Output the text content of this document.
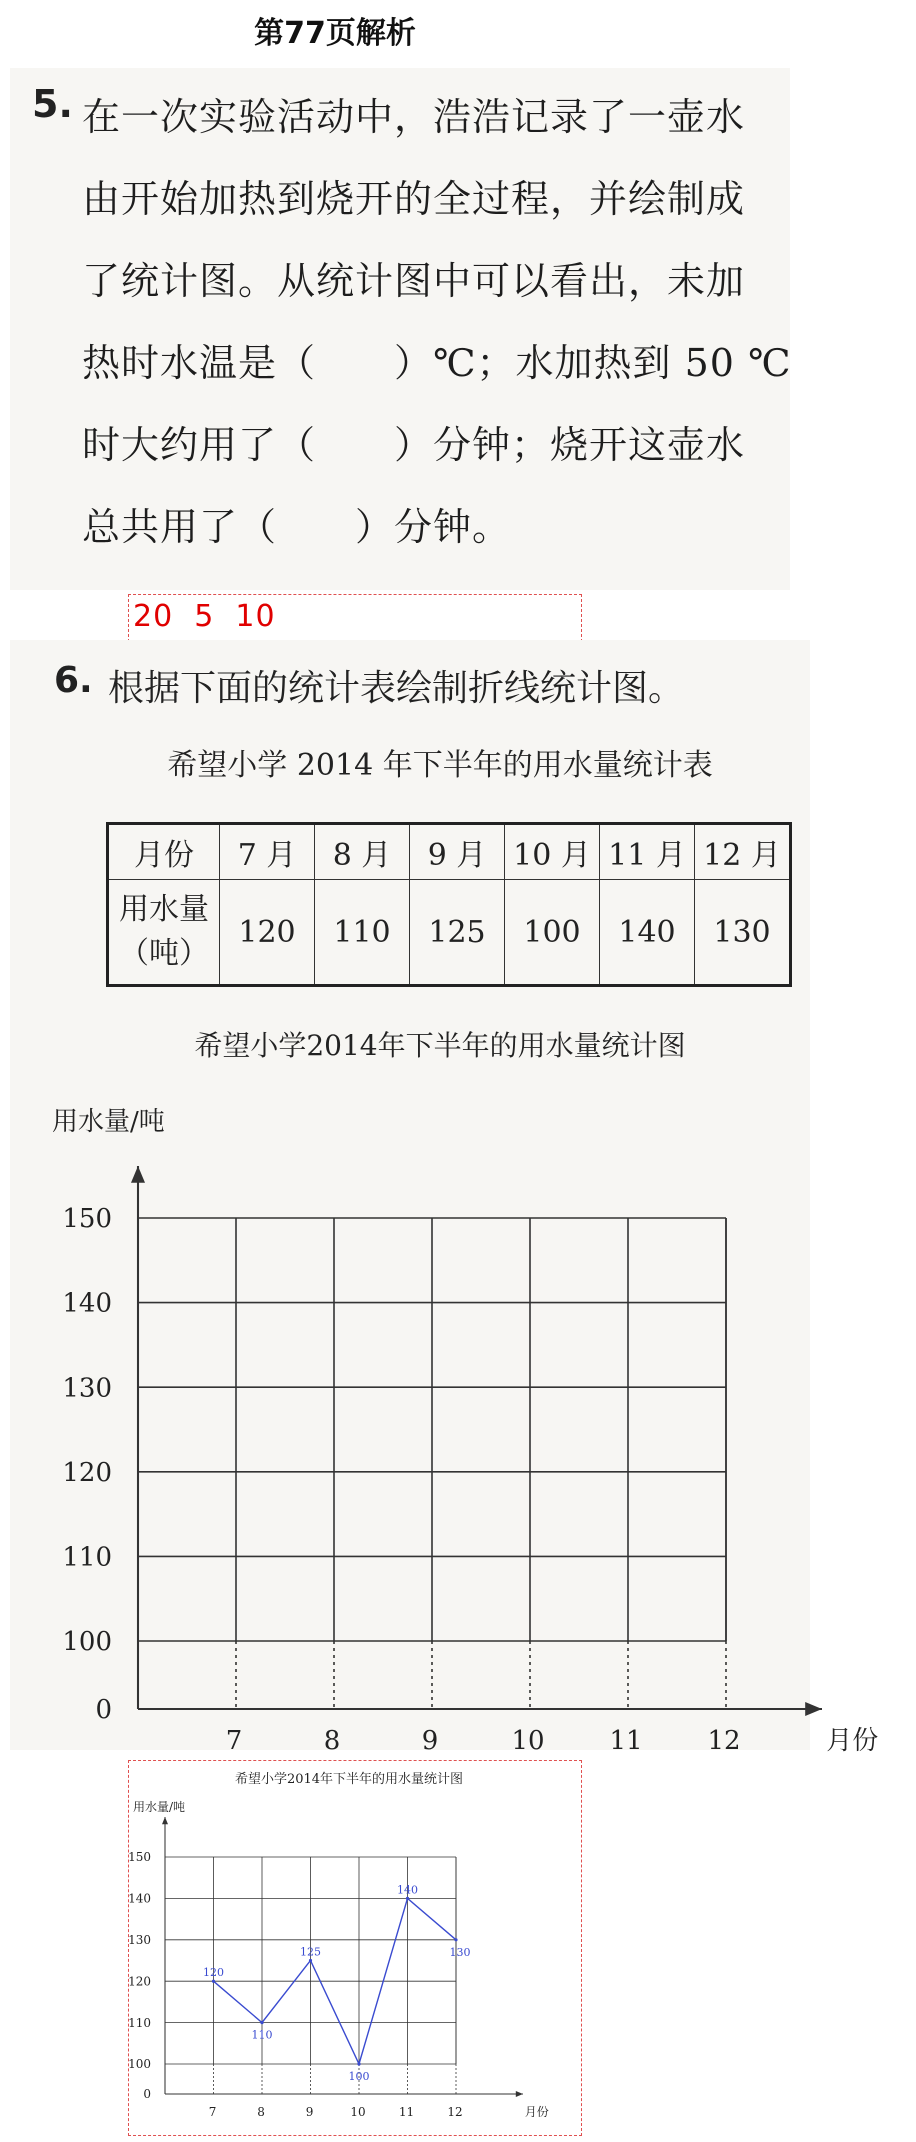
第77页解析
5. 在一次实验活动中，浩浩记录了一壶水
由开始加热到烧开的全过程，并绘制成
了统计图。从统计图中可以看出，未加
热时水温是（　　）℃；水加热到 50 ℃
时大约用了（　　）分钟；烧开这壶水
总共用了（　　）分钟。
20  5  10
6. 根据下面的统计表绘制折线统计图。
希望小学 2014 年下半年的用水量统计表
月份	7 月	8 月	9 月	10 月	11 月	12 月

用水量
（吨）	120	110	125	100	140	130
希望小学2014年下半年的用水量统计图
用水量/吨
7	8	9	10 11 12	月份
0
100
110
120
130
140
150
希望小学2014年下半年的用水量统计图
用水量/吨
7	8	9	10	11	12	月份
0
100
110
120
130
140
150
120
110
125
100
140
130
